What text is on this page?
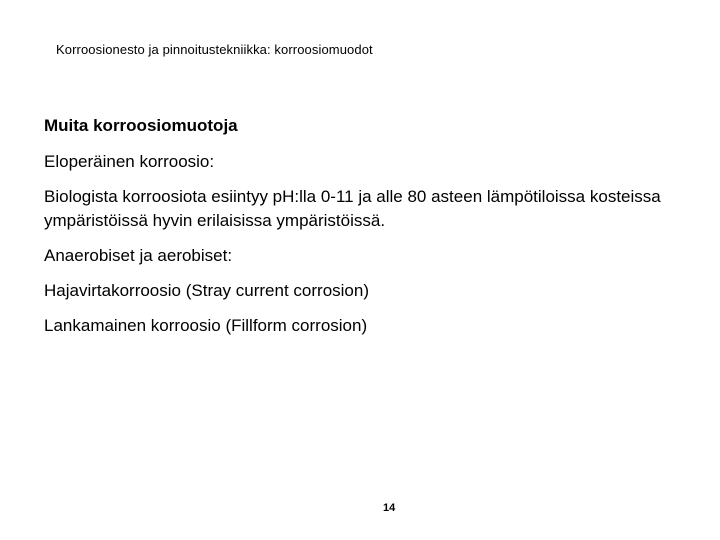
Korroosionesto ja pinnoitustekniikka: korroosiomuodot
Muita korroosiomuotoja
Eloperäinen korroosio:
Biologista korroosiota esiintyy pH:lla 0-11 ja alle 80 asteen lämpötiloissa kosteissa ympäristöissä hyvin erilaisissa ympäristöissä.
Anaerobiset ja aerobiset:
Hajavirtakorroosio (Stray current corrosion)
Lankamainen korroosio (Fillform corrosion)
14
